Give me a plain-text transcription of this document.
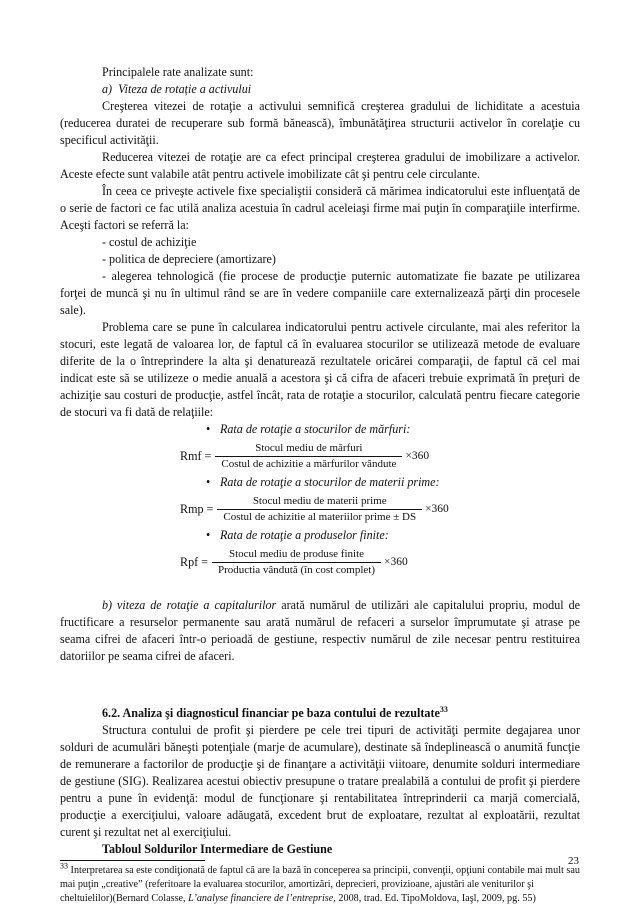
Principalele rate analizate sunt:

a)  Viteza de rotație a activului

Creşterea vitezei de rotaţie a activului semnifică creşterea gradului de lichiditate a acestuia (reducerea duratei de recuperare sub formă bănească), îmbunătăţirea structurii activelor în corelaţie cu specificul activităţii.

Reducerea vitezei de rotaţie are ca efect principal creşterea gradului de imobilizare a activelor. Aceste efecte sunt valabile atât pentru activele imobilizate cât şi pentru cele circulante.

În ceea ce priveşte activele fixe specialiştii consideră că mărimea indicatorului este influenţată de o serie de factori ce fac utilă analiza acestuia în cadrul aceleiaşi firme mai puţin în comparaţiile interfirme. Aceşti factori se referră la:

- costul de achiziţie

- politica de depreciere (amortizare)

- alegerea tehnologică (fie procese de producţie puternic automatizate fie bazate pe utilizarea forţei de muncă şi nu în ultimul rând se are în vedere companiile care externalizează părţi din procesele sale).

Problema care se pune în calcularea indicatorului pentru activele circulante, mai ales referitor la stocuri, este legată de valoarea lor, de faptul că în evaluarea stocurilor se utilizează metode de evaluare diferite de la o întreprindere la alta şi denaturează rezultatele oricărei comparaţii, de faptul că cel mai indicat este să se utilizeze o medie anuală a acestora şi că cifra de afaceri trebuie exprimată în preţuri de achiziţie sau costuri de producţie, astfel încât, rata de rotaţie a stocurilor, calculată pentru fiecare categorie de stocuri va fi dată de relaţiile:

• Rata de rotaţie a stocurilor de mărfuri:
Rmf = $\frac{\text{Stocul mediu de mărfuri}}{\text{Costul de achizitie a mărfurilor vândute}} \times 360$
• Rata de rotaţie a stocurilor de materii prime:
Rmp = $\frac{\text{Stocul mediu de materii prime}}{\text{Costul de achizitie al materiilor prime ± DS}} \times 360$
• Rata de rotaţie a produselor finite:
Rpf = $\frac{\text{Stocul mediu de produse finite}}{\text{Productia vândută (în cost complet)}} \times 360$

b) viteza de rotaţie a capitalurilor arată numărul de utilizări ale capitalului propriu, modul de fructificare a resurselor permanente sau arată numărul de refaceri a surselor împrumutate şi atrase pe seama cifrei de afaceri într-o perioadă de gestiune, respectiv numărul de zile necesar pentru restituirea datoriilor pe seama cifrei de afaceri.

6.2. Analiza şi diagnosticul financiar pe baza contului de rezultate$^{33}$

Structura contului de profit şi pierdere pe cele trei tipuri de activităţi permite degajarea unor solduri de acumulări băneşti potenţiale (marje de acumulare), destinate să îndeplinească o anumită funcţie de remunerare a factorilor de producţie şi de finanţare a activităţii viitoare, denumite solduri intermediare de gestiune (SIG). Realizarea acestui obiectiv presupune o tratare prealabilă a contului de profit şi pierdere pentru a pune în evidenţă: modul de funcţionare şi rentabilitatea întreprinderii ca marjă comercială, producţie a exerciţiului, valoare adăugată, excedent brut de exploatare, rezultat al exploatării, rezultat curent şi rezultat net al exerciţiului.

Tabloul Soldurilor Intermediare de Gestiune

$^{33}$ Interpretarea sa este condiţionată de faptul că are la bază în conceperea sa principii, convenţii, opţiuni contabile mai mult sau mai puţin „creative” (referitoare la evaluarea stocurilor, amortizări, deprecieri, provizioane, ajustări ale veniturilor şi cheltuielilor)(Bernard Colasse, L’analyse financiere de l’entreprise, 2008, trad. Ed. TipoMoldova, Iaşl, 2009, pg. 55)

23
